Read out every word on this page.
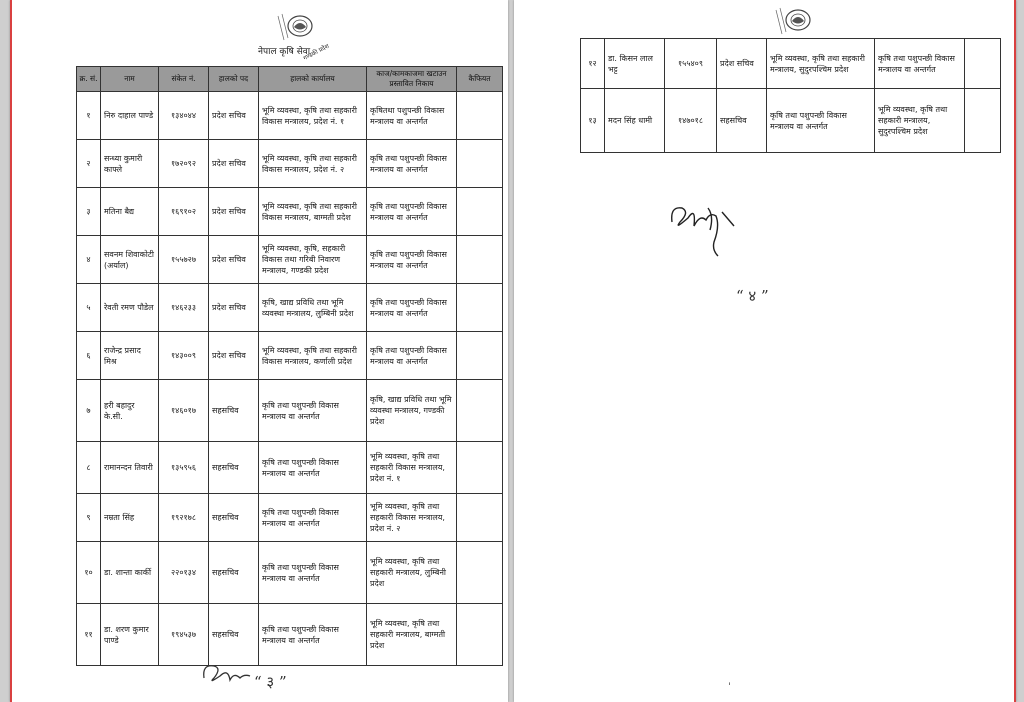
गण्डकी प्रदेश
नेपाल कृषि सेवा
क्र. सं.	नाम	संकेत नं.	हालको पद	हालको कार्यालय	काज/कामकाजमा खटाउन प्रस्तावित निकाय	कैफियत
१	निरु दाहाल पाण्डे	१३४०४४	प्रदेश सचिव	भूमि व्यवस्था, कृषि तथा सहकारी विकास मन्त्रालय, प्रदेश नं. १	कृषितथा पशुपन्छी विकास मन्त्रालय वा अन्तर्गत	
२	सन्ध्या कुमारी काफ्ले	१७२०९२	प्रदेश सचिव	भूमि व्यवस्था, कृषि तथा सहकारी विकास मन्त्रालय, प्रदेश नं. २	कृषि तथा पशुपन्छी विकास मन्त्रालय वा अन्तर्गत	
३	मतिना बैद्य	१६९१०२	प्रदेश सचिव	भूमि व्यवस्था, कृषि तथा सहकारी विकास मन्त्रालय, बाग्मती प्रदेश	कृषि तथा पशुपन्छी विकास मन्त्रालय वा अन्तर्गत	
४	सवनम शिवाकोटी (अर्याल)	१५५७२७	प्रदेश सचिव	भूमि व्यवस्था, कृषि, सहकारी विकास तथा गरिबी निवारण मन्त्रालय, गण्डकी प्रदेश	कृषि तथा पशुपन्छी विकास मन्त्रालय वा अन्तर्गत	
५	रेवती रमण पौडेल	१४६२३३	प्रदेश सचिव	कृषि, खाद्य प्रविधि तथा भूमि व्यवस्था मन्त्रालय, लुम्बिनी प्रदेश	कृषि तथा पशुपन्छी विकास मन्त्रालय वा अन्तर्गत	
६	राजेन्द्र प्रसाद मिश्र	१४३००९	प्रदेश सचिव	भूमि व्यवस्था, कृषि तथा सहकारी विकास मन्त्रालय, कर्णाली प्रदेश	कृषि तथा पशुपन्छी विकास मन्त्रालय वा अन्तर्गत	
७	हरी बहादुर के.सी.	१४६०१७	सहसचिव	कृषि तथा पशुपन्छी विकास मन्त्रालय वा अन्तर्गत	कृषि, खाद्य प्रविधि तथा भूमि व्यवस्था मन्त्रालय, गण्डकी प्रदेश	
८	रामानन्दन तिवारी	१३५९५६	सहसचिव	कृषि तथा पशुपन्छी विकास मन्त्रालय वा अन्तर्गत	भूमि व्यवस्था, कृषि तथा सहकारी विकास मन्त्रालय, प्रदेश नं. १	
९	नम्रता सिंह	१९२१७८	सहसचिव	कृषि तथा पशुपन्छी विकास मन्त्रालय वा अन्तर्गत	भूमि व्यवस्था, कृषि तथा सहकारी विकास मन्त्रालय, प्रदेश नं. २	
१०	डा. शान्ता कार्की	२२०१३४	सहसचिव	कृषि तथा पशुपन्छी विकास मन्त्रालय वा अन्तर्गत	भूमि व्यवस्था, कृषि तथा सहकारी मन्त्रालय, लुम्बिनी प्रदेश	
११	डा. शरण कुमार पाण्डे	१९४५३७	सहसचिव	कृषि तथा पशुपन्छी विकास मन्त्रालय वा अन्तर्गत	भूमि व्यवस्था, कृषि तथा सहकारी मन्त्रालय, बाग्मती प्रदेश	
“ ३ ”
१२	डा. किसन लाल भट्ट	१५५४०९	प्रदेश सचिव	भूमि व्यवस्था, कृषि तथा सहकारी मन्त्रालय, सुदुरपश्चिम प्रदेश	कृषि तथा पशुपन्छी विकास मन्त्रालय वा अन्तर्गत	
१३	मदन सिंह धामी	१४७०१८	सहसचिव	कृषि तथा पशुपन्छी विकास मन्त्रालय वा अन्तर्गत	भूमि व्यवस्था, कृषि तथा सहकारी मन्त्रालय, सुदुरपश्चिम प्रदेश	
“ ४ ”
ˈ
